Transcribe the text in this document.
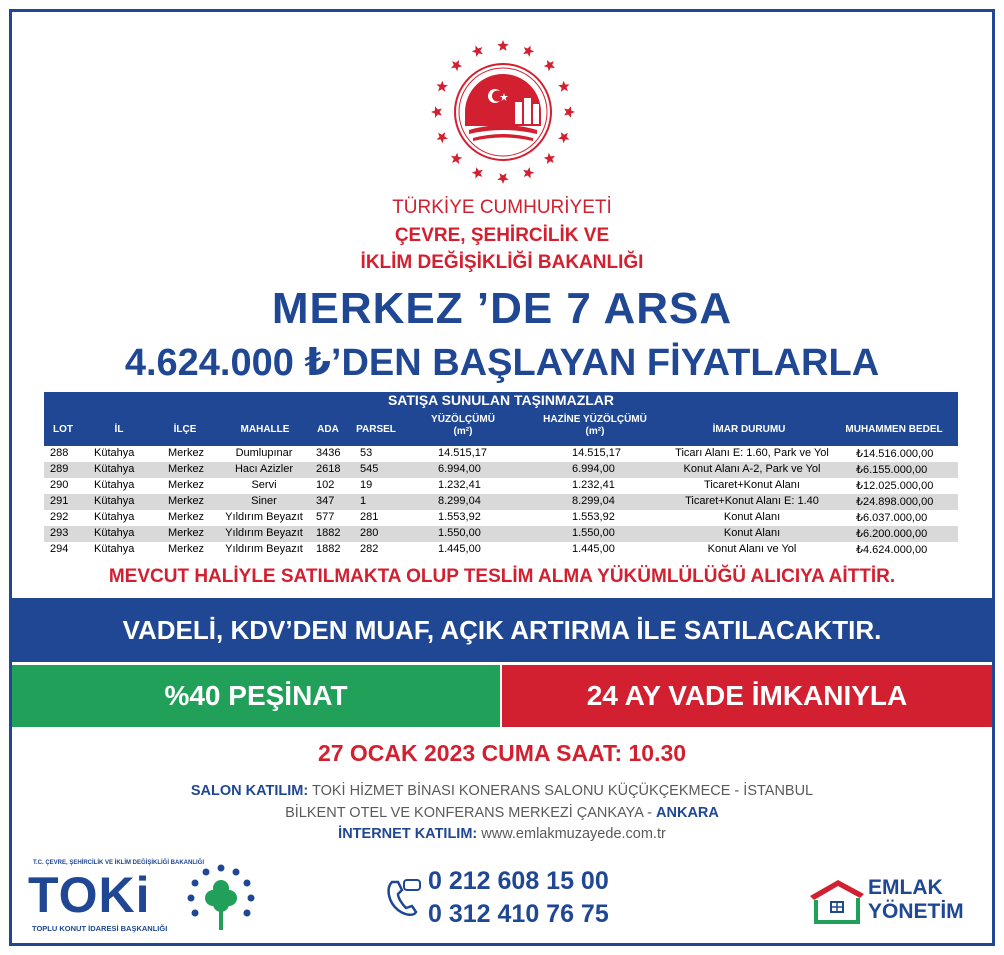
TÜRKİYE CUMHURİYETİ
ÇEVRE, ŞEHİRCİLİK VE
İKLİM DEĞİŞİKLİĞİ BAKANLIĞI
MERKEZ ’DE 7 ARSA
4.624.000 ₺’DEN BAŞLAYAN FİYATLARLA
SATIŞA SUNULAN TAŞINMAZLAR
LOT	İL	İLÇE	MAHALLE	ADA	PARSEL
YÜZÖLÇÜMÜ
(m²)
HAZİNE YÜZÖLÇÜMÜ
(m²)	İMAR DURUMU	MUHAMMEN BEDEL
288 Kütahya	Merkez	Dumlupınar	3436 53	14.515,17	14.515,17	Ticarı Alanı E: 1.60, Park ve Yol	₺14.516.000,00
289 Kütahya	Merkez	Hacı Azizler	2618 545	6.994,00	6.994,00	Konut Alanı A-2, Park ve Yol	₺6.155.000,00
290 Kütahya	Merkez	Servi	102 19	1.232,41	1.232,41	Ticaret+Konut Alanı	₺12.025.000,00
291 Kütahya	Merkez	Siner	347 1	8.299,04	8.299,04	Ticaret+Konut Alanı E: 1.40	₺24.898.000,00
292 Kütahya	Merkez	Yıldırım Beyazıt	577 281	1.553,92	1.553,92	Konut Alanı	₺6.037.000,00
293 Kütahya	Merkez	Yıldırım Beyazıt	1882 280	1.550,00	1.550,00	Konut Alanı	₺6.200.000,00
294 Kütahya	Merkez	Yıldırım Beyazıt	1882 282	1.445,00	1.445,00	Konut Alanı ve Yol	₺4.624.000,00
MEVCUT HALİYLE SATILMAKTA OLUP TESLİM ALMA YÜKÜMLÜLÜĞÜ ALICIYA AİTTİR.
VADELİ, KDV’DEN MUAF, AÇIK ARTIRMA İLE SATILACAKTIR.
%40 PEŞİNAT	24 AY VADE İMKANIYLA
27 OCAK 2023 CUMA SAAT: 10.30
SALON KATILIM: TOKİ HİZMET BİNASI KONERANS SALONU KÜÇÜKÇEKMECE - İSTANBUL
BİLKENT OTEL VE KONFERANS MERKEZİ ÇANKAYA - ANKARA
İNTERNET KATILIM: www.emlakmuzayede.com.tr
T.C. ÇEVRE, ŞEHİRCİLİK VE İKLİM DEĞİŞİKLİĞİ BAKANLIĞI
TOKi
TOPLU KONUT İDARESİ BAŞKANLIĞI
0 212 608 15 00
0 312 410 76 75
EMLAK
YÖNETİM
